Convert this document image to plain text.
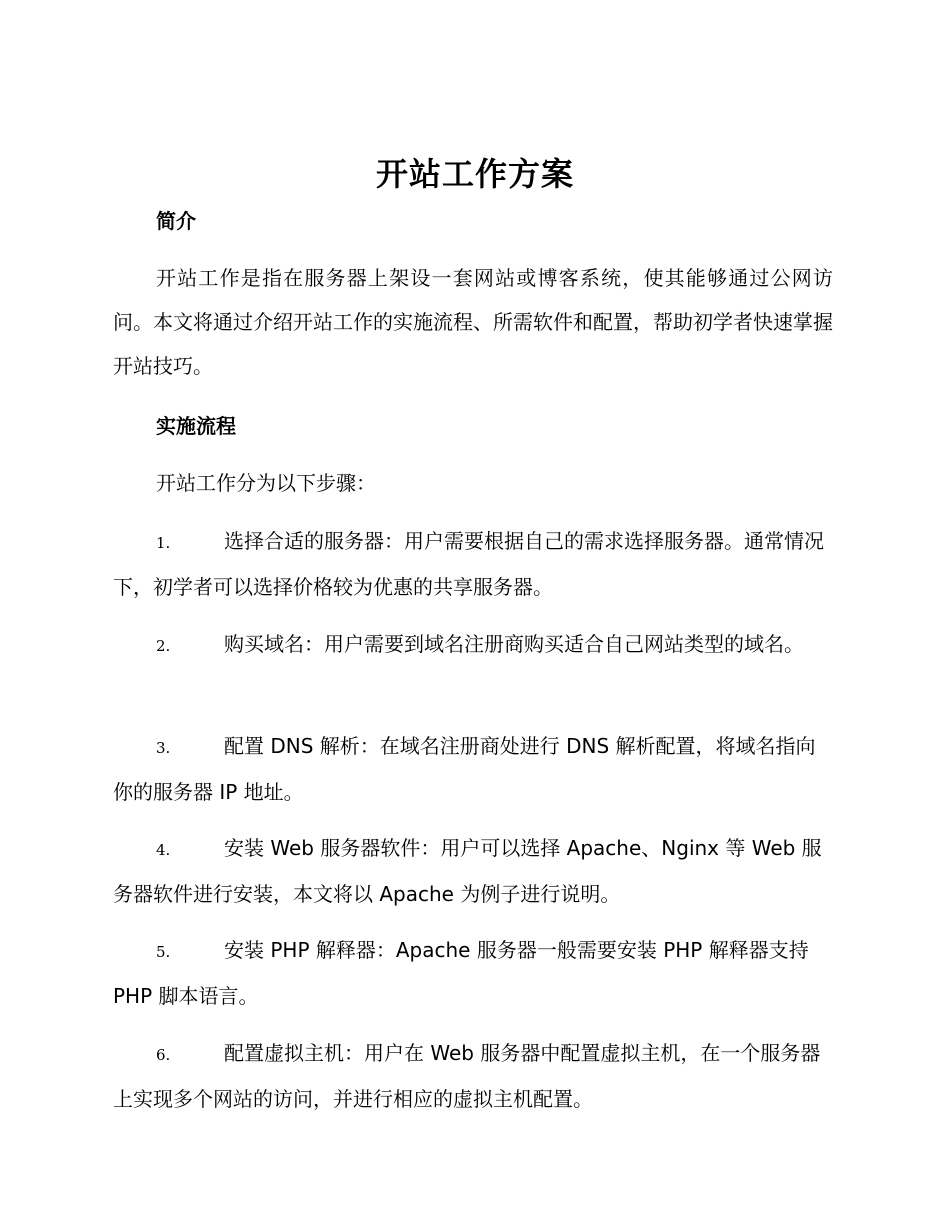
开站工作方案
简介
开站工作是指在服务器上架设一套网站或博客系统，使其能够通过公网访问。本文将通过介绍开站工作的实施流程、所需软件和配置，帮助初学者快速掌握开站技巧。
实施流程
开站工作分为以下步骤：
1.	选择合适的服务器：用户需要根据自己的需求选择服务器。通常情况下，初学者可以选择价格较为优惠的共享服务器。
2.	购买域名：用户需要到域名注册商购买适合自己网站类型的域名。
3.	配置 DNS 解析：在域名注册商处进行 DNS 解析配置，将域名指向你的服务器 IP 地址。
4.	安装 Web 服务器软件：用户可以选择 Apache、Nginx 等 Web 服务器软件进行安装，本文将以 Apache 为例子进行说明。
5.	安装 PHP 解释器：Apache 服务器一般需要安装 PHP 解释器支持 PHP 脚本语言。
6.	配置虚拟主机：用户在 Web 服务器中配置虚拟主机，在一个服务器上实现多个网站的访问，并进行相应的虚拟主机配置。
